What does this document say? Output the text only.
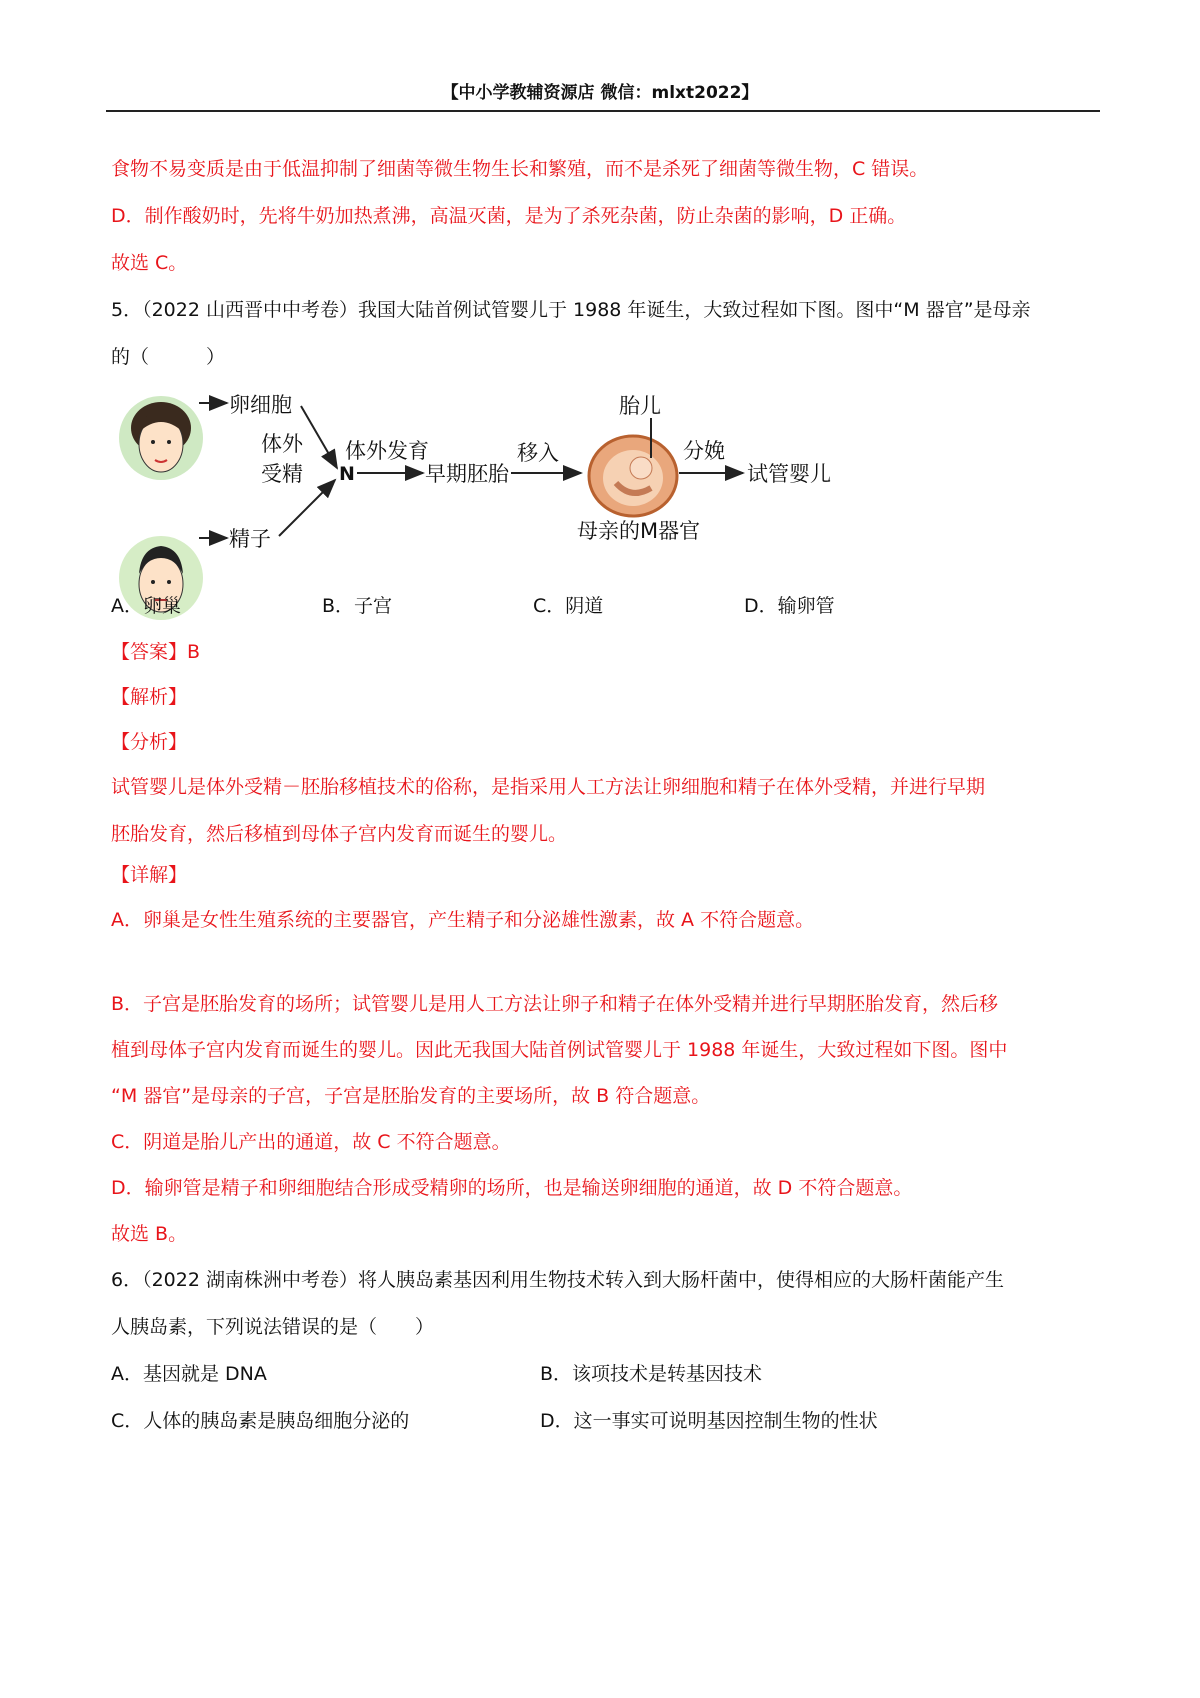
【中小学教辅资源店 微信：mlxt2022】
食物不易变质是由于低温抑制了细菌等微生物生长和繁殖，而不是杀死了细菌等微生物，C 错误。
D．制作酸奶时，先将牛奶加热煮沸，高温灭菌，是为了杀死杂菌，防止杂菌的影响，D 正确。
故选 C。
5．（2022 山西晋中中考卷）我国大陆首例试管婴儿于 1988 年诞生，大致过程如下图。图中“M 器官”是母亲
的（　　　）
卵细胞
精子
体外
受精 N
体外发育
早期胚胎
移入
胎儿
母亲的M器官
分娩
试管婴儿
A．卵巢	B．子宫	C．阴道	D．输卵管
【答案】B
【解析】
【分析】
试管婴儿是体外受精－胚胎移植技术的俗称，是指采用人工方法让卵细胞和精子在体外受精，并进行早期
胚胎发育，然后移植到母体子宫内发育而诞生的婴儿。
【详解】
A．卵巢是女性生殖系统的主要器官，产生精子和分泌雄性激素，故 A 不符合题意。
B．子宫是胚胎发育的场所；试管婴儿是用人工方法让卵子和精子在体外受精并进行早期胚胎发育，然后移
植到母体子宫内发育而诞生的婴儿。因此无我国大陆首例试管婴儿于 1988 年诞生，大致过程如下图。图中
“M 器官”是母亲的子宫，子宫是胚胎发育的主要场所，故 B 符合题意。
C．阴道是胎儿产出的通道，故 C 不符合题意。
D．输卵管是精子和卵细胞结合形成受精卵的场所，也是输送卵细胞的通道，故 D 不符合题意。
故选 B。
6．（2022 湖南株洲中考卷）将人胰岛素基因利用生物技术转入到大肠杆菌中，使得相应的大肠杆菌能产生
人胰岛素，下列说法错误的是（　　）
A．基因就是 DNA	B．该项技术是转基因技术
C．人体的胰岛素是胰岛细胞分泌的	D．这一事实可说明基因控制生物的性状
